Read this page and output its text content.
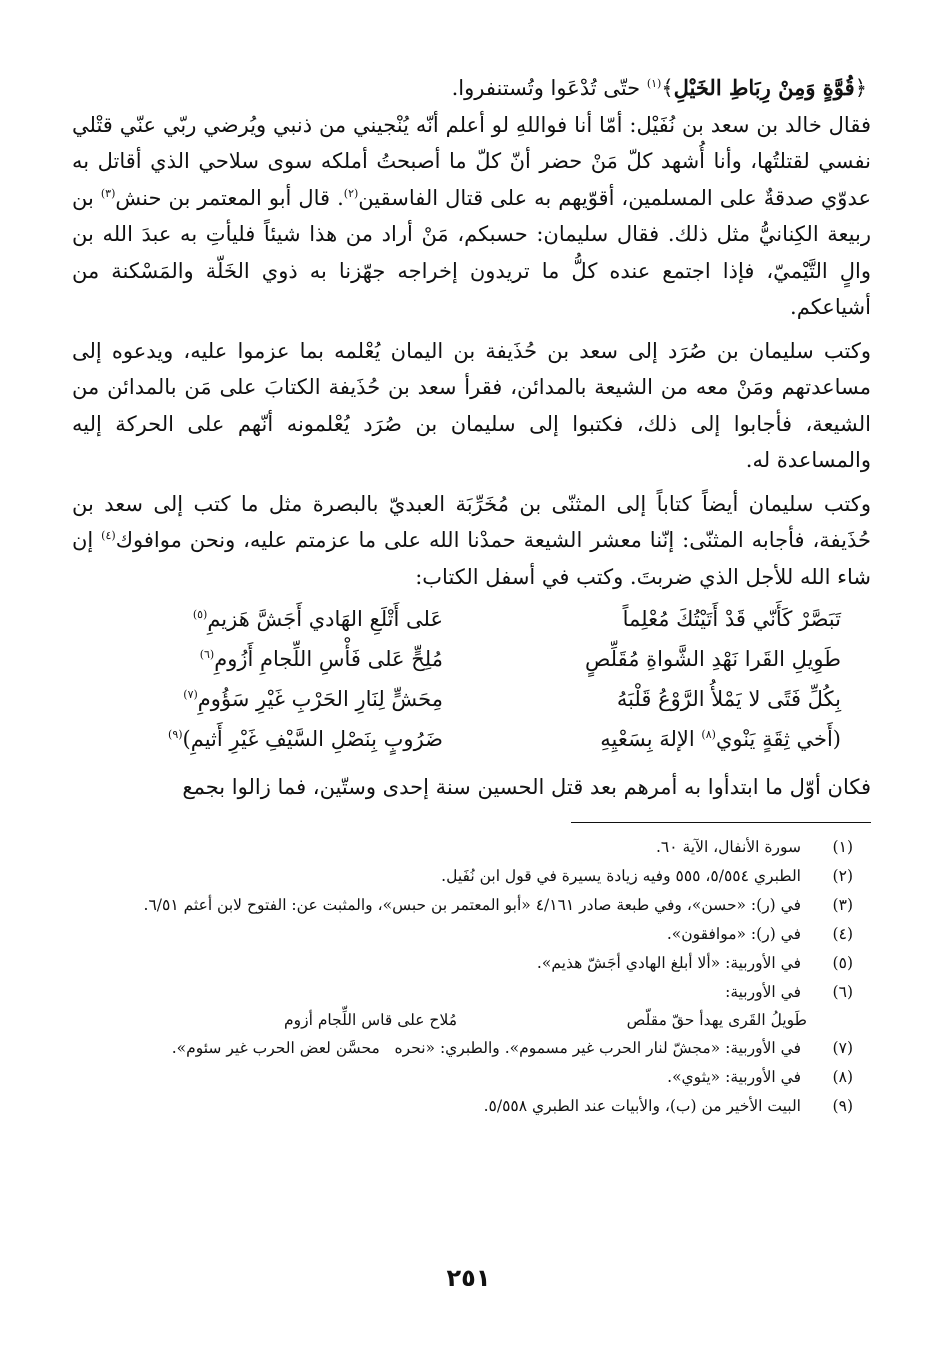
﴿قُوَّةٍ وَمِنْ رِبَاطِ الخَيْلِ﴾$^{(١)}$ حتّى تُدْعَوا وتُستنفروا.

فقال خالد بن سعد بن نُفَيْل: أمّا أنا فواللهِ لو أعلم أنّه يُنْجيني من ذنبي ويُرضي ربّي عنّي قتْلي نفسي لقتلتُها، وأنا أُشهد كلّ مَنْ حضر أنّ كلّ ما أصبحتُ أملكه سوى سلاحي الذي أقاتل به عدوّي صدقةٌ على المسلمين، أقوّيهم به على قتال الفاسقين$^{(٢)}$. قال أبو المعتمر بن حنش$^{(٣)}$ بن ربيعة الكِنانيُّ مثل ذلك. فقال سليمان: حسبكم، مَنْ أراد من هذا شيئاً فليأتِ به عبدَ الله بن والٍ التَّيْميّ، فإذا اجتمع عنده كلُّ ما تريدون إخراجه جهّزنا به ذوي الخَلّة والمَسْكنة من أشياعكم.

وكتب سليمان بن صُرَد إلى سعد بن حُذَيفة بن اليمان يُعْلمه بما عزموا عليه، ويدعوه إلى مساعدتهم ومَنْ معه من الشيعة بالمدائن، فقرأ سعد بن حُذَيفة الكتابَ على مَن بالمدائن من الشيعة، فأجابوا إلى ذلك، فكتبوا إلى سليمان بن صُرَد يُعْلمونه أنّهم على الحركة إليه والمساعدة له.

وكتب سليمان أيضاً كتاباً إلى المثنّى بن مُخَرِّبَة العبديّ بالبصرة مثل ما كتب إلى سعد بن حُذَيفة، فأجابه المثنّى: إنّنا معشر الشيعة حمدْنا الله على ما عزمتم عليه، ونحن موافوك$^{(٤)}$ إن شاء الله للأجل الذي ضربتَ. وكتب في أسفل الكتاب:

تَبَصَّرْ كَأَنّي قَدْ أَتَيْتُكَ مُعْلِماً
عَلى أَتْلَعِ الهَادي أَجَشَّ هَزيمِ$^{(٥)}$
طَوِيلِ القَرا نَهْدِ الشَّواةِ مُقَلِّصٍ
مُلِحٍّ عَلى فَأْسِ اللِّجامِ أَزُومِ$^{(٦)}$
بِكُلِّ فَتًى لا يَمْلأُ الرَّوْعُ قَلْبَهُ
مِحَشٍّ لِنَارِ الحَرْبِ غَيْرِ سَؤُومِ$^{(٧)}$
(أَخي ثِقَةٍ يَنْوي$^{(٨)}$ الإلهَ بِسَعْيِهِ
ضَرُوبٍ بِنَصْلِ السَّيْفِ غَيْرِ أَثيمِ)$^{(٩)}$

فكان أوّل ما ابتدأوا به أمرهم بعد قتل الحسين سنة إحدى وستّين، فما زالوا بجمع

(١)
سورة الأنفال، الآية ٦٠.
(٢)
الطبري ٥/٥٥٤، ٥٥٥ وفيه زيادة يسيرة في قول ابن نُفَيل.
(٣)
في (ر): «حسن»، وفي طبعة صادر ٤/١٦١ «أبو المعتمر بن حبس»، والمثبت عن: الفتوح لابن أعثم ٦/٥١.
(٤)
في (ر): «موافقون».
(٥)
في الأوربية: «ألا أبلغ الهادي أجَشّ هذيم».
(٦)
في الأوربية:
طَويلُ القَرى يهدأ حقّ مقلّص
مُلاح على قاس اللِّجام أزوم
(٧)
في الأوربية: «مجشّ لنار الحرب غير مسموم». والطبري: «نحره   محسَّن لعض الحرب غير سئوم».
(٨)
في الأوربية: «يثوي».
(٩)
البيت الأخير من (ب)، والأبيات عند الطبري ٥/٥٥٨.
٢٥١
